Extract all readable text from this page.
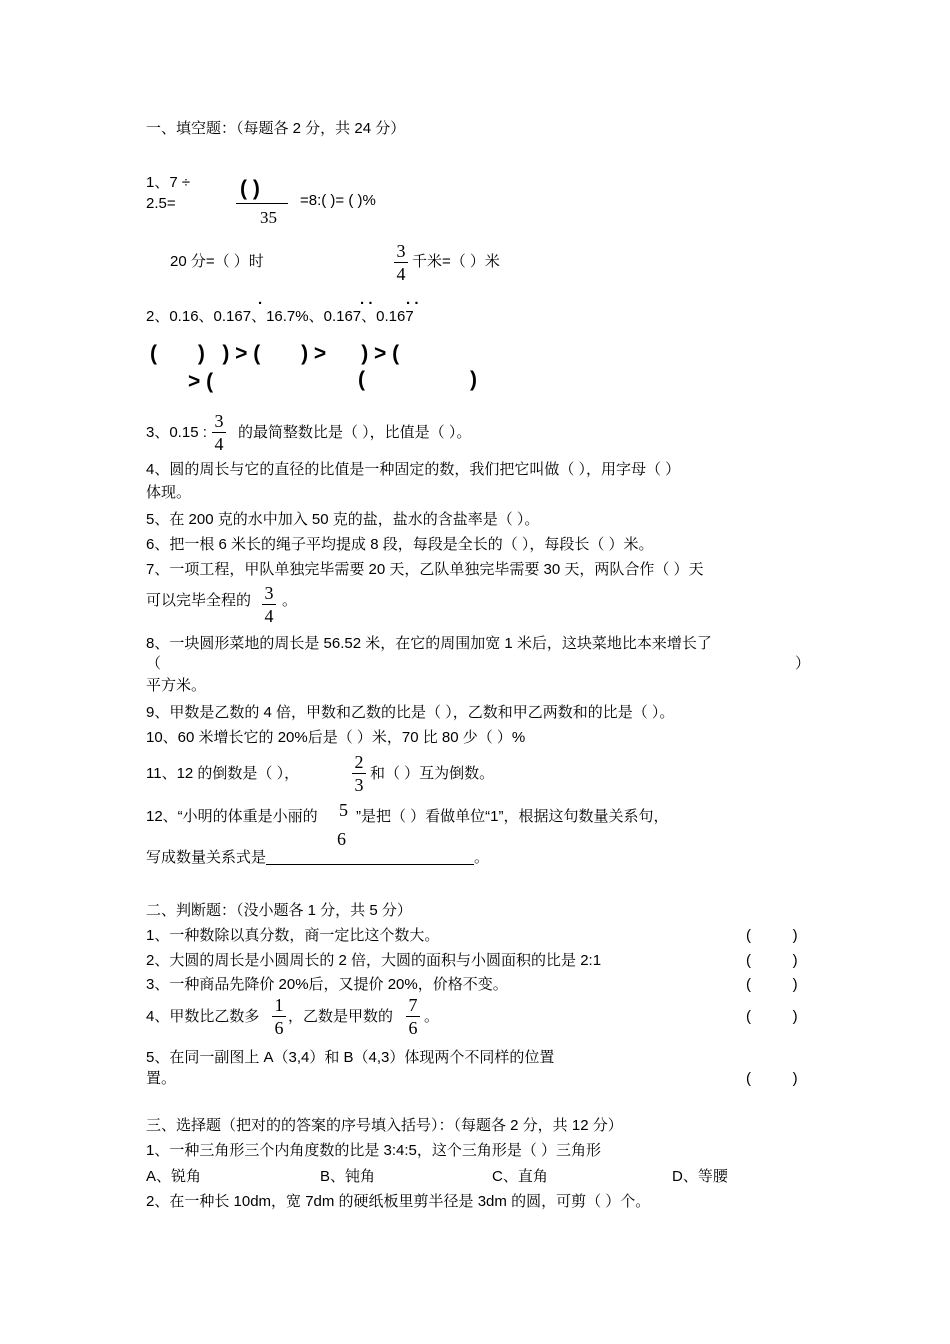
一、填空题：（每题各 2 分，共 24 分）
1、7 ÷
2.5=
( )
35
=8:( )= ( )%
20 分=（ ）时
3
4
千米=（ ）米
.	. . . .
2、0.16、0.167、16.7%、0.167、0.167
(       )   ) > (       ) >      ) > (
> (	(	)
3、0.15 :
3
4
的最简整数比是（ ），比值是（ ）。
4、圆的周长与它的直径的比值是一种固定的数，我们把它叫做（ ），用字母（ ）
体现。
5、在 200 克的水中加入 50 克的盐，盐水的含盐率是（ ）。
6、把一根 6 米长的绳子平均提成 8 段，每段是全长的（ ），每段长（ ）米。
7、一项工程，甲队单独完毕需要 20 天，乙队单独完毕需要 30 天，两队合作（ ）天
可以完毕全程的 3
4
。
8、一块圆形菜地的周长是 56.52 米，在它的周围加宽 1 米后，这块菜地比本来增长了
（	）
平方米。
9、甲数是乙数的 4 倍，甲数和乙数的比是（ ），乙数和甲乙两数和的比是（ ）。
10、60 米增长它的 20%后是（ ）米，70 比 80 少（ ）%
11、12 的倒数是（ ），
2
3
和（ ）互为倒数。
12、“小明的体重是小丽的 5
6
”是把（ ）看做单位“1”，根据这句数量关系句，
写成数量关系式是	。
二、判断题：（没小题各 1 分，共 5 分）
1、一种数除以真分数，商一定比这个数大。	(          )
2、大圆的周长是小圆周长的 2 倍，大圆的面积与小圆面积的比是 2:1	(          )
3、一种商品先降价 20%后，又提价 20%，价格不变。	(          )
4、甲数比乙数多
1
6
，乙数是甲数的
7
6
。	(          )
5、在同一副图上 A（3,4）和 B（4,3）体现两个不同样的位置
置。	(          )
三、选择题（把对的的答案的序号填入括号）：（每题各 2 分，共 12 分）
1、一种三角形三个内角度数的比是 3:4:5，这个三角形是（ ）三角形
A、锐角	B、钝角	C、直角	D、等腰
2、在一种长 10dm，宽 7dm 的硬纸板里剪半径是 3dm 的圆，可剪（ ）个。
